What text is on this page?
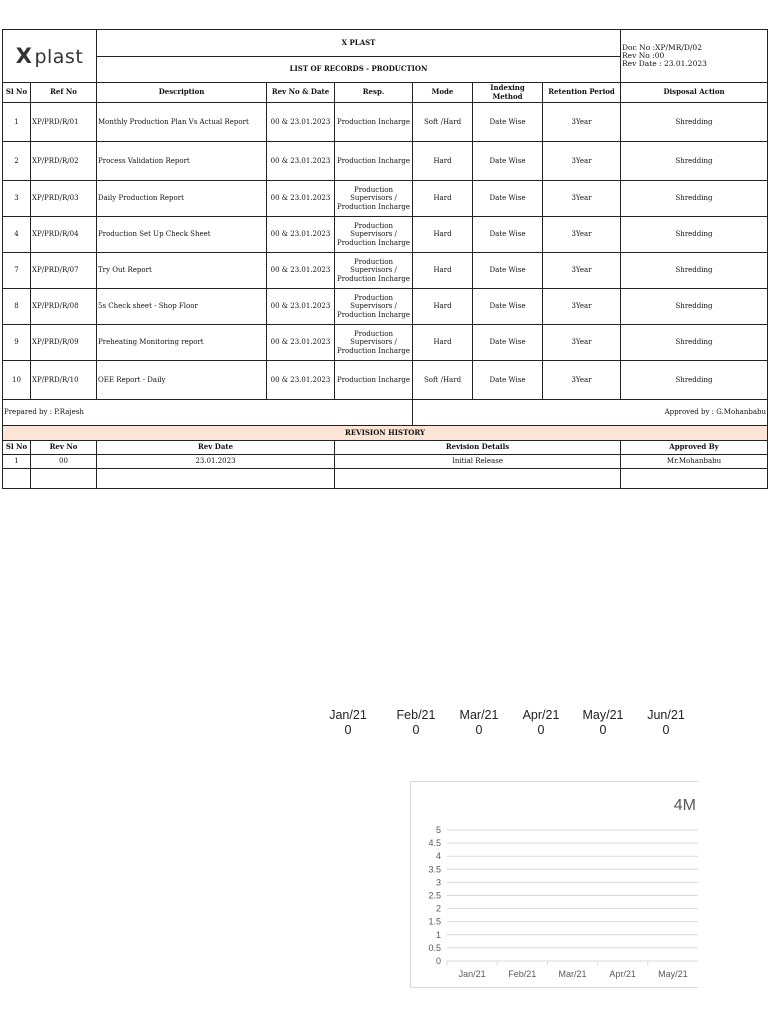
X plast		X PLAST						Doc No :XP/MR/D/02
Rev No :00
Rev Date : 23.01.2023

		LIST OF RECORDS - PRODUCTION						
Sl No	Ref No	Description	Rev No & Date	Resp.	Mode	Indexing Method	Retention Period	Disposal Action
1	XP/PRD/R/01	Monthly Production Plan Vs Actual Report	00 & 23.01.2023	Production Incharge	Soft /Hard	Date Wise	3Year	Shredding
2	XP/PRD/R/02	Process Validation Report	00 & 23.01.2023	Production Incharge	Hard	Date Wise	3Year	Shredding
3	XP/PRD/R/03	Daily Production Report	00 & 23.01.2023	Production Supervisors / Production Incharge	Hard	Date Wise	3Year	Shredding
4	XP/PRD/R/04	Production Set Up Check Sheet	00 & 23.01.2023	Production Supervisors / Production Incharge	Hard	Date Wise	3Year	Shredding
7	XP/PRD/R/07	Try Out Report	00 & 23.01.2023	Production Supervisors / Production Incharge	Hard	Date Wise	3Year	Shredding
8	XP/PRD/R/08	5s Check sheet - Shop Floor	00 & 23.01.2023	Production Supervisors / Production Incharge	Hard	Date Wise	3Year	Shredding
9	XP/PRD/R/09	Preheating Monitoring report	00 & 23.01.2023	Production Supervisors / Production Incharge	Hard	Date Wise	3Year	Shredding
10	XP/PRD/R/10	OEE Report - Daily	00 & 23.01.2023	Production Incharge	Soft /Hard	Date Wise	3Year	Shredding
Prepared by : P.Rajesh					Approved by : G.Mohanbabu			
REVISION HISTORY								
Sl No	Rev No	Rev Date		Revision Details				Approved By
1	00	23.01.2023		Initial Release				Mr.Mohanbabu

Jan/21
0
Feb/21
0
Mar/21
0
Apr/21
0
May/21
0
Jun/21
0
4M
0
0.5
1
1.5
2
2.5
3
3.5
4
4.5
5
Jan/21	Feb/21 Mar/21	Apr/21 May/21
